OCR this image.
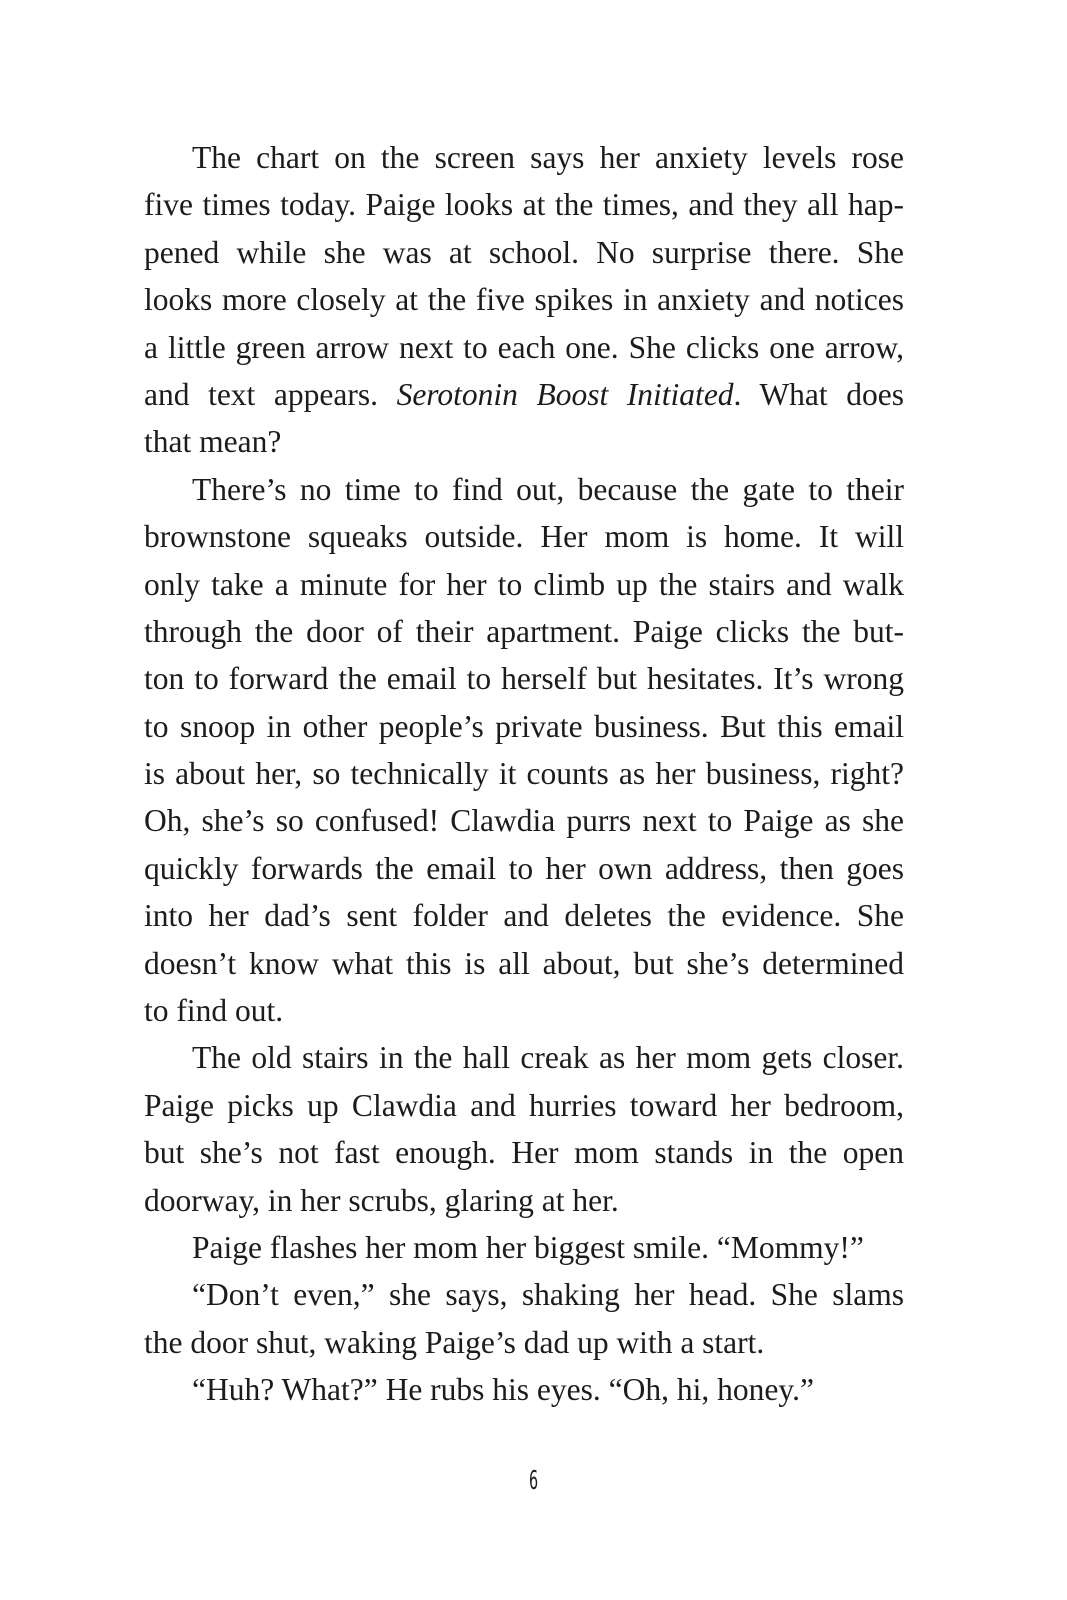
The chart on the screen says her anxiety levels rose
five times today. Paige looks at the times, and they all hap-
pened while she was at school. No surprise there. She
looks more closely at the five spikes in anxiety and notices
a little green arrow next to each one. She clicks one arrow,
and text appears. Serotonin Boost Initiated. What does
that mean?
There’s no time to find out, because the gate to their
brownstone squeaks outside. Her mom is home. It will
only take a minute for her to climb up the stairs and walk
through the door of their apartment. Paige clicks the but-
ton to forward the email to herself but hesitates. It’s wrong
to snoop in other people’s private business. But this email
is about her, so technically it counts as her business, right?
Oh, she’s so confused! Clawdia purrs next to Paige as she
quickly forwards the email to her own address, then goes
into her dad’s sent folder and deletes the evidence. She
doesn’t know what this is all about, but she’s determined
to find out.
The old stairs in the hall creak as her mom gets closer.
Paige picks up Clawdia and hurries toward her bedroom,
but she’s not fast enough. Her mom stands in the open
doorway, in her scrubs, glaring at her.
Paige flashes her mom her biggest smile. “Mommy!”
“Don’t even,” she says, shaking her head. She slams
the door shut, waking Paige’s dad up with a start.
“Huh? What?” He rubs his eyes. “Oh, hi, honey.”
6
